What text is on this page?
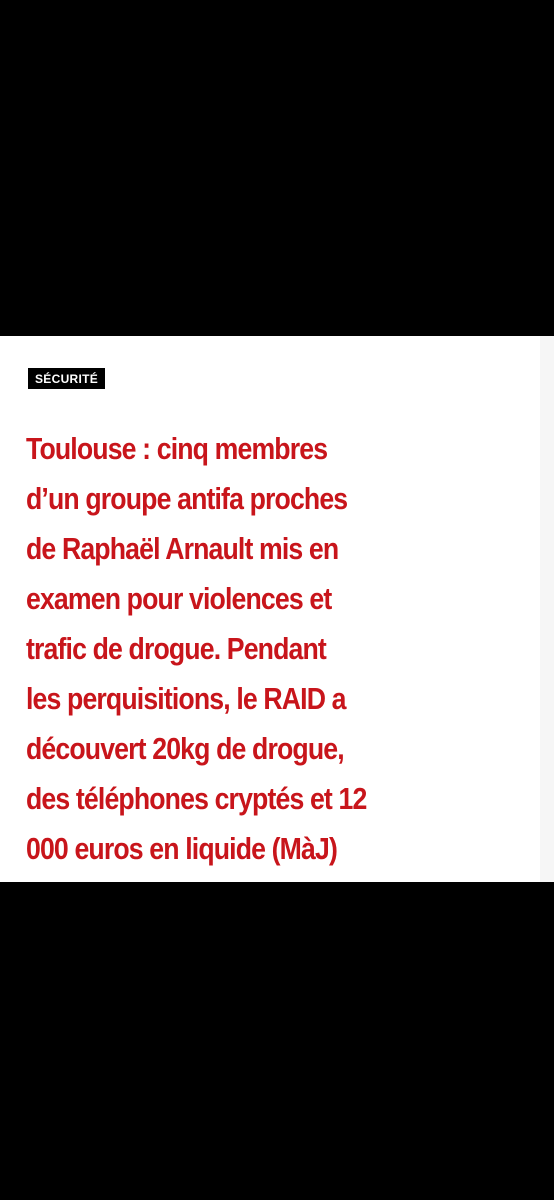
SÉCURITÉ
Toulouse : cinq membres
d’un groupe antifa proches
de Raphaël Arnault mis en
examen pour violences et
trafic de drogue. Pendant
les perquisitions, le RAID a
découvert 20kg de drogue,
des téléphones cryptés et 12
000 euros en liquide (MàJ)
